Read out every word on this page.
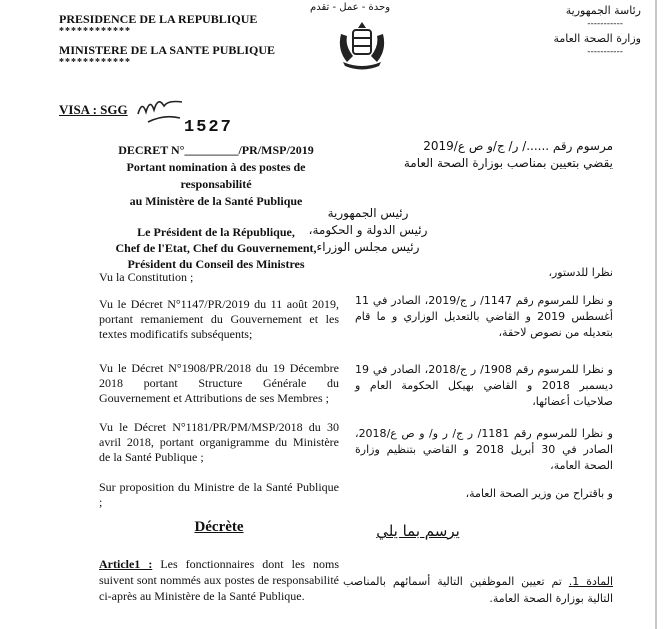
PRESIDENCE DE LA REPUBLIQUE
************
MINISTERE DE LA SANTE PUBLIQUE
************
وحدة - عمل - تقدم	رئاسة الجمهورية
-----------
وزارة الصحة العامة
-----------
VISA : SGG
1527
DECRET N°_________/PR/MSP/2019
Portant nomination à des postes de
responsabilité
au Ministère de la Santé Publique
مرسوم رقم ....../ ر/ ج/و ص ع/2019
يقضي بتعيين بمناصب بوزارة الصحة العامة
Le Président de la République,
Chef de l'Etat, Chef du Gouvernement,
Président du Conseil des Ministres
رئيس الجمهورية
رئيس الدولة و الحكومة،
رئيس مجلس الوزراء
Vu la Constitution ;
Vu le Décret N°1147/PR/2019 du 11 août 2019, portant remaniement du Gouvernement et les textes modificatifs subséquents;
Vu le Décret N°1908/PR/2018 du 19 Décembre 2018 portant Structure Générale du Gouvernement et Attributions de ses Membres ;
Vu le Décret N°1181/PR/PM/MSP/2018 du 30 avril 2018, portant organigramme du Ministère de la Santé Publique ;
Sur proposition du Ministre de la Santé Publique ;
نظرا للدستور،
و نظرا للمرسوم رقم 1147/ ر ج/2019، الصادر في 11 أغسطس 2019 و القاضي بالتعديل الوزاري و ما قام بتعديله من نصوص لاحقة،
و نظرا للمرسوم رقم 1908/ ر ج/2018، الصادر في 19 ديسمبر 2018 و القاضي بهيكل الحكومة العام و صلاحيات أعضائها،
و نظرا للمرسوم رقم 1181/ ر ج/ ر و/ و ص ع/2018، الصادر في 30 أبريل 2018 و القاضي بتنظيم وزارة الصحة العامة،
و باقتراح من وزير الصحة العامة،
Décrète	يرسم بما يلي
Article1 : Les fonctionnaires dont les noms suivent sont nommés aux postes de responsabilité ci-après au Ministère de la Santé Publique.
المادة 1. تم تعيين الموظفين التالية أسمائهم بالمناصب التالية بوزارة الصحة العامة.
